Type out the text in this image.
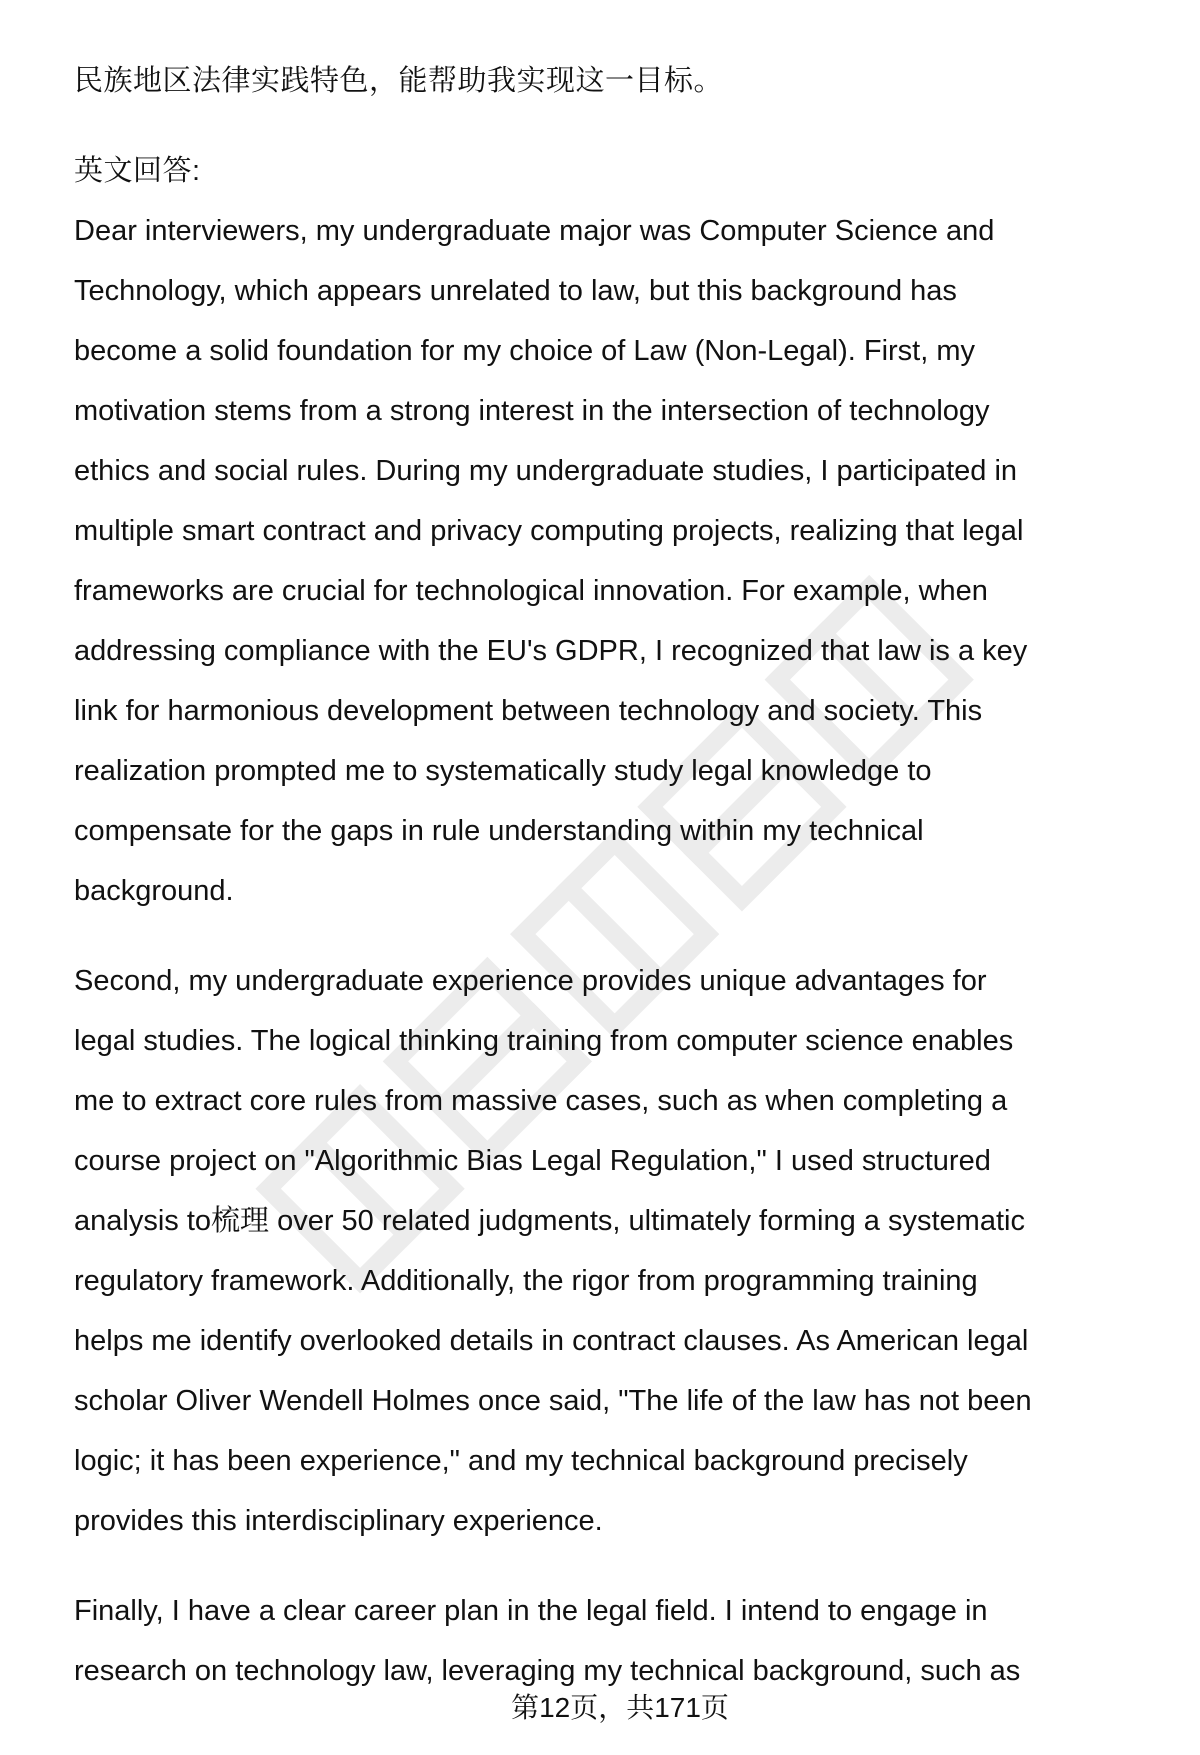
民族地区法律实践特色，能帮助我实现这一目标。
英文回答:
Dear interviewers, my undergraduate major was Computer Science and
Technology, which appears unrelated to law, but this background has
become a solid foundation for my choice of Law (Non-Legal). First, my
motivation stems from a strong interest in the intersection of technology
ethics and social rules. During my undergraduate studies, I participated in
multiple smart contract and privacy computing projects, realizing that legal
frameworks are crucial for technological innovation. For example, when
addressing compliance with the EU's GDPR, I recognized that law is a key
link for harmonious development between technology and society. This
realization prompted me to systematically study legal knowledge to
compensate for the gaps in rule understanding within my technical
background.
Second, my undergraduate experience provides unique advantages for
legal studies. The logical thinking training from computer science enables
me to extract core rules from massive cases, such as when completing a
course project on "Algorithmic Bias Legal Regulation," I used structured
analysis to梳理 over 50 related judgments, ultimately forming a systematic
regulatory framework. Additionally, the rigor from programming training
helps me identify overlooked details in contract clauses. As American legal
scholar Oliver Wendell Holmes once said, "The life of the law has not been
logic; it has been experience," and my technical background precisely
provides this interdisciplinary experience.
Finally, I have a clear career plan in the legal field. I intend to engage in
research on technology law, leveraging my technical background, such as
第12页，共171页
